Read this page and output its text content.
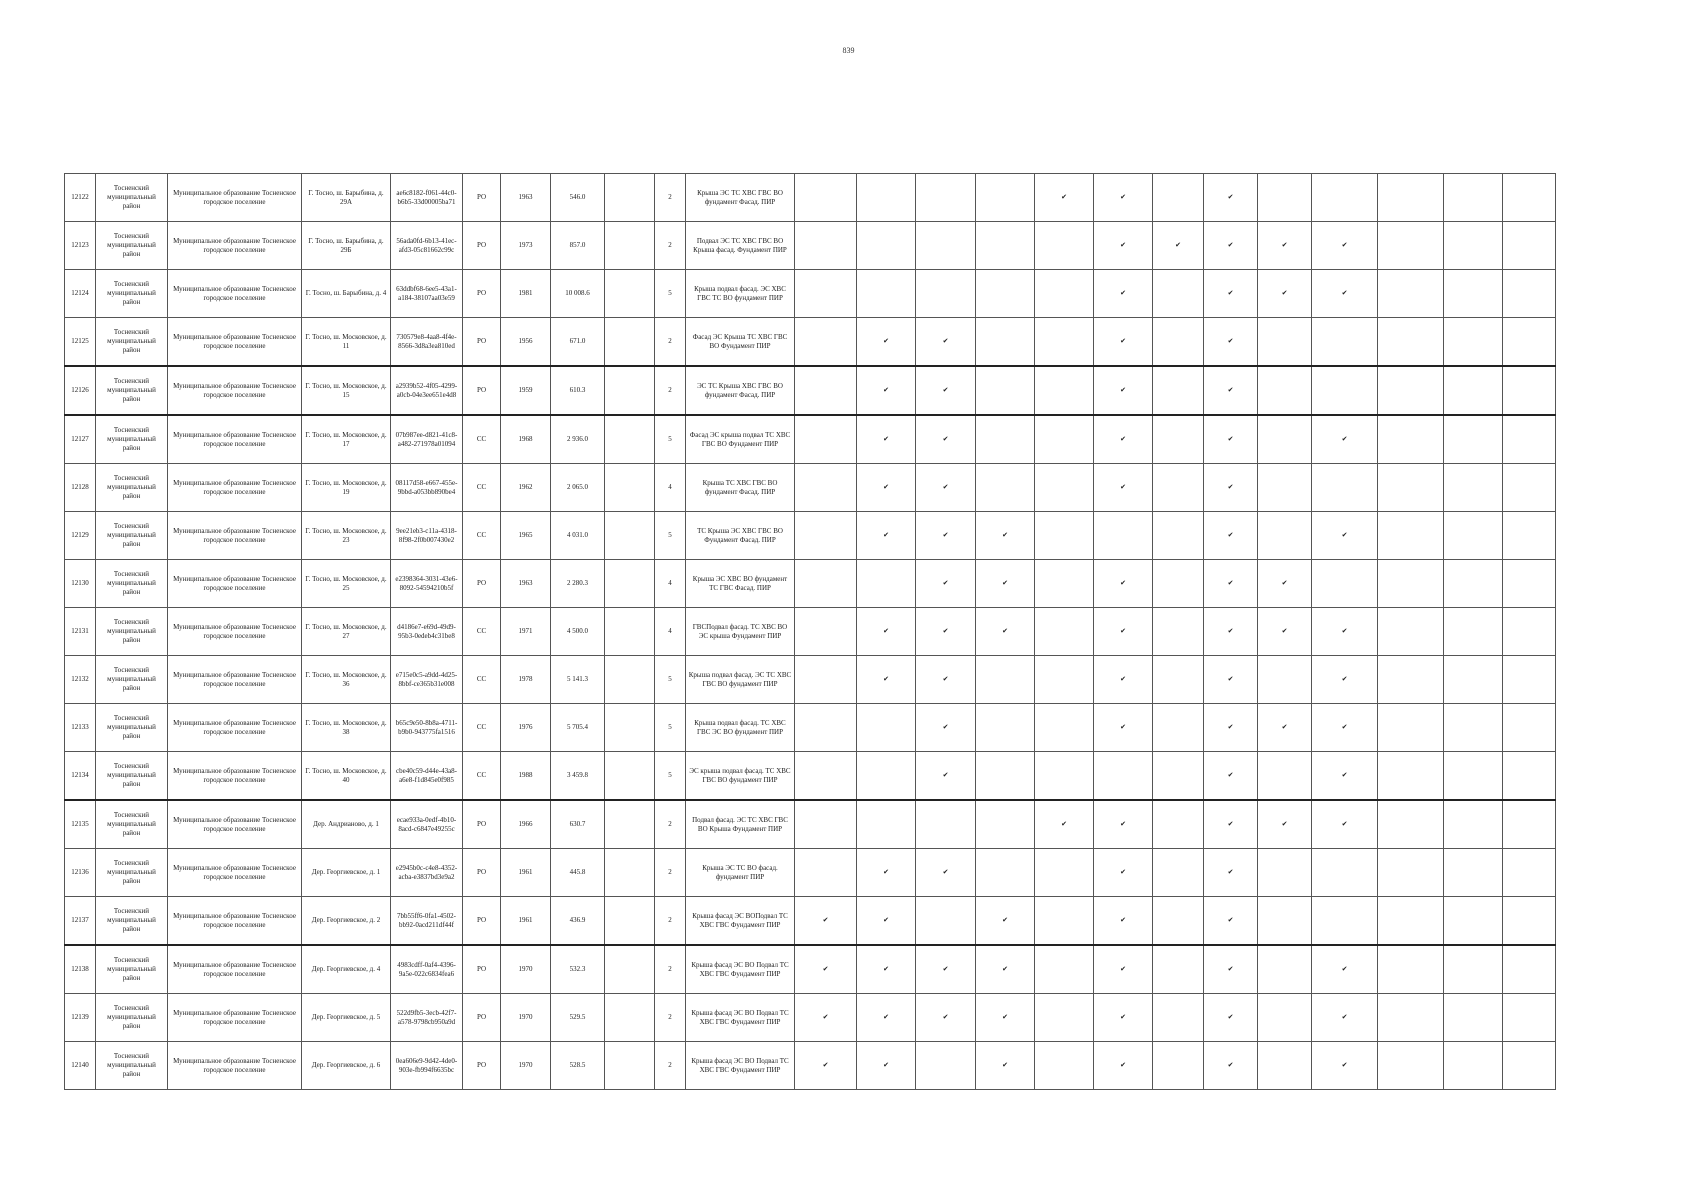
839
12122	Тосненский муниципальный район	Муниципальное образование Тосненское городское поселение	Г. Тосно, ш. Барыбина, д. 29А	ae6c8182-f061-44c0-b6b5-33d00005ba71	РО	1963	546.0		2	Крыша ЭС ТС ХВС ГВС ВО фундамент Фасад. ПИР					✔	✔		✔					
12123	Тосненский муниципальный район	Муниципальное образование Тосненское городское поселение	Г. Тосно, ш. Барыбина, д. 29Б	56ada0fd-6b13-41ec-afd3-05c81662c99c	РО	1973	857.0		2	Подвал ЭС ТС ХВС ГВС ВО Крыша фасад. Фундамент ПИР						✔	✔	✔	✔	✔			
12124	Тосненский муниципальный район	Муниципальное образование Тосненское городское поселение	Г. Тосно, ш. Барыбина, д. 4	63ddbf68-6ee5-43a1-a184-38107aa03e59	РО	1981	10 008.6		5	Крыша подвал фасад. ЭС ХВС ГВС ТС ВО фундамент ПИР						✔		✔	✔	✔			
12125	Тосненский муниципальный район	Муниципальное образование Тосненское городское поселение	Г. Тосно, ш. Московское, д. 11	730579e8-4aa8-4f4e-8566-3d8a3ea810ed	РО	1956	671.0		2	Фасад ЭС Крыша ТС ХВС ГВС ВО Фундамент ПИР		✔	✔			✔		✔					
12126	Тосненский муниципальный район	Муниципальное образование Тосненское городское поселение	Г. Тосно, ш. Московское, д. 15	a2939b52-4f05-4299-a0cb-04e3ee651e4d8	РО	1959	610.3		2	ЭС ТС Крыша ХВС ГВС ВО фундамент Фасад. ПИР		✔	✔			✔		✔					
12127	Тосненский муниципальный район	Муниципальное образование Тосненское городское поселение	Г. Тосно, ш. Московское, д. 17	07b987ee-d821-41c8-a482-271978a01094	СС	1968	2 936.0		5	Фасад ЭС крыша подвал ТС ХВС ГВС ВО Фундамент ПИР		✔	✔			✔		✔		✔			
12128	Тосненский муниципальный район	Муниципальное образование Тосненское городское поселение	Г. Тосно, ш. Московское, д. 19	08117d58-e667-455e-9bbd-a053bb890be4	СС	1962	2 065.0		4	Крыша ТС ХВС ГВС ВО фундамент Фасад. ПИР		✔	✔			✔		✔					
12129	Тосненский муниципальный район	Муниципальное образование Тосненское городское поселение	Г. Тосно, ш. Московское, д. 23	9ee21eb3-c11a-4318-8f98-2f0b007430e2	СС	1965	4 031.0		5	ТС Крыша ЭС ХВС ГВС ВО Фундамент Фасад. ПИР		✔	✔	✔				✔		✔			
12130	Тосненский муниципальный район	Муниципальное образование Тосненское городское поселение	Г. Тосно, ш. Московское, д. 25	e2398364-3031-43e6-8092-54594210b5f	РО	1963	2 280.3		4	Крыша ЭС ХВС ВО фундамент ТС ГВС Фасад. ПИР			✔	✔		✔		✔	✔				
12131	Тосненский муниципальный район	Муниципальное образование Тосненское городское поселение	Г. Тосно, ш. Московское, д. 27	d4186e7-e69d-49d9-95b3-0edeb4c31be8	СС	1971	4 500.0		4	ГВСПодвал фасад. ТС ХВС ВО ЭС крыша Фундамент ПИР		✔	✔	✔		✔		✔	✔	✔			
12132	Тосненский муниципальный район	Муниципальное образование Тосненское городское поселение	Г. Тосно, ш. Московское, д. 36	e715e0c5-a9dd-4d25-8bbf-ce365b31e008	СС	1978	5 141.3		5	Крыша подвал фасад. ЭС ТС ХВС ГВС ВО фундамент ПИР		✔	✔			✔		✔		✔			
12133	Тосненский муниципальный район	Муниципальное образование Тосненское городское поселение	Г. Тосно, ш. Московское, д. 38	b65c9e50-8b8a-4711-b9b0-943775fa1516	СС	1976	5 705.4		5	Крыша подвал фасад. ТС ХВС ГВС ЭС ВО фундамент ПИР			✔			✔		✔	✔	✔			
12134	Тосненский муниципальный район	Муниципальное образование Тосненское городское поселение	Г. Тосно, ш. Московское, д. 40	cbe40c59-d44e-43a8-a6e8-f1d845e0f985	СС	1988	3 459.8		5	ЭС крыша подвал фасад. ТС ХВС ГВС ВО фундамент ПИР			✔					✔		✔			
12135	Тосненский муниципальный район	Муниципальное образование Тосненское городское поселение	Дер. Андрианово, д. 1	ecae933a-0edf-4b10-8acd-c6847e49255c	РО	1966	630.7		2	Подвал фасад. ЭС ТС ХВС ГВС ВО Крыша Фундамент ПИР					✔	✔		✔	✔	✔			
12136	Тосненский муниципальный район	Муниципальное образование Тосненское городское поселение	Дер. Георгиевское, д. 1	e2945b0c-c4e8-4352-acba-e3837bd3e9a2	РО	1961	445.8		2	Крыша ЭС ТС ВО фасад. фундамент ПИР		✔	✔			✔		✔					
12137	Тосненский муниципальный район	Муниципальное образование Тосненское городское поселение	Дер. Георгиевское, д. 2	7bb55ff6-0fa1-4502-bb92-0acd211df44f	РО	1961	436.9		2	Крыша фасад ЭС ВОПодвал ТС ХВС ГВС Фундамент ПИР	✔	✔		✔		✔		✔					
12138	Тосненский муниципальный район	Муниципальное образование Тосненское городское поселение	Дер. Георгиевское, д. 4	4983cdff-0af4-4396-9a5e-022c6834fea6	РО	1970	532.3		2	Крыша фасад ЭС ВО Подвал ТС ХВС ГВС Фундамент ПИР	✔	✔	✔	✔		✔		✔		✔			
12139	Тосненский муниципальный район	Муниципальное образование Тосненское городское поселение	Дер. Георгиевское, д. 5	522d9fb5-3ecb-42f7-a578-9798cb950a9d	РО	1970	529.5		2	Крыша фасад ЭС ВО Подвал ТС ХВС ГВС Фундамент ПИР	✔	✔	✔	✔		✔		✔		✔			
12140	Тосненский муниципальный район	Муниципальное образование Тосненское городское поселение	Дер. Георгиевское, д. 6	0ea606e9-9d42-4de0-903e-fb994f6635bc	РО	1970	528.5		2	Крыша фасад ЭС ВО Подвал ТС ХВС ГВС Фундамент ПИР	✔	✔		✔		✔		✔		✔			
